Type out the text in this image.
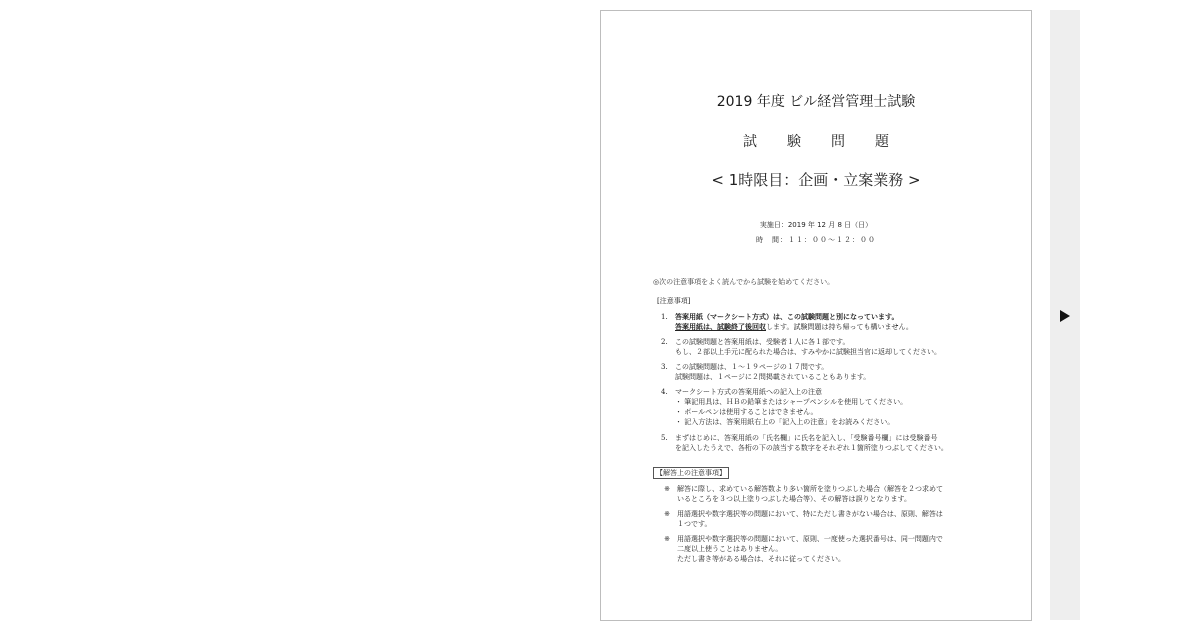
2019 年度 ビル経営管理士試験
試験問題
< 1時限目：企画・立案業務 >
実施日：2019 年 12 月 8 日（日）
時　間：１１：００〜１２：００
◎次の注意事項をよく読んでから試験を始めてください。
[注意事項]
1. 答案用紙（マークシート方式）は、この試験問題と別になっています。
答案用紙は、試験終了後回収します。試験問題は持ち帰っても構いません。
2. この試験問題と答案用紙は、受験者１人に各１部です。
もし、２部以上手元に配られた場合は、すみやかに試験担当官に返却してください。
3. この試験問題は、１〜１９ページの１７問です。
試験問題は、１ページに２問掲載されていることもあります。
4. マークシート方式の答案用紙への記入上の注意
・ 筆記用具は、ＨＢの鉛筆またはシャープペンシルを使用してください。
・ ボールペンは使用することはできません。
・ 記入方法は、答案用紙右上の「記入上の注意」をお読みください。
5. まずはじめに、答案用紙の「氏名欄」に氏名を記入し、「受験番号欄」には受験番号
を記入したうえで、各桁の下の該当する数字をそれぞれ１箇所塗りつぶしてください。
【解答上の注意事項】
※ 解答に際し、求めている解答数より多い箇所を塗りつぶした場合（解答を２つ求めて
いるところを３つ以上塗りつぶした場合等）、その解答は誤りとなります。
※ 用語選択や数字選択等の問題において、特にただし書きがない場合は、原則、解答は
１つです。
※ 用語選択や数字選択等の問題において、原則、一度使った選択番号は、同一問題内で
二度以上使うことはありません。
ただし書き等がある場合は、それに従ってください。
